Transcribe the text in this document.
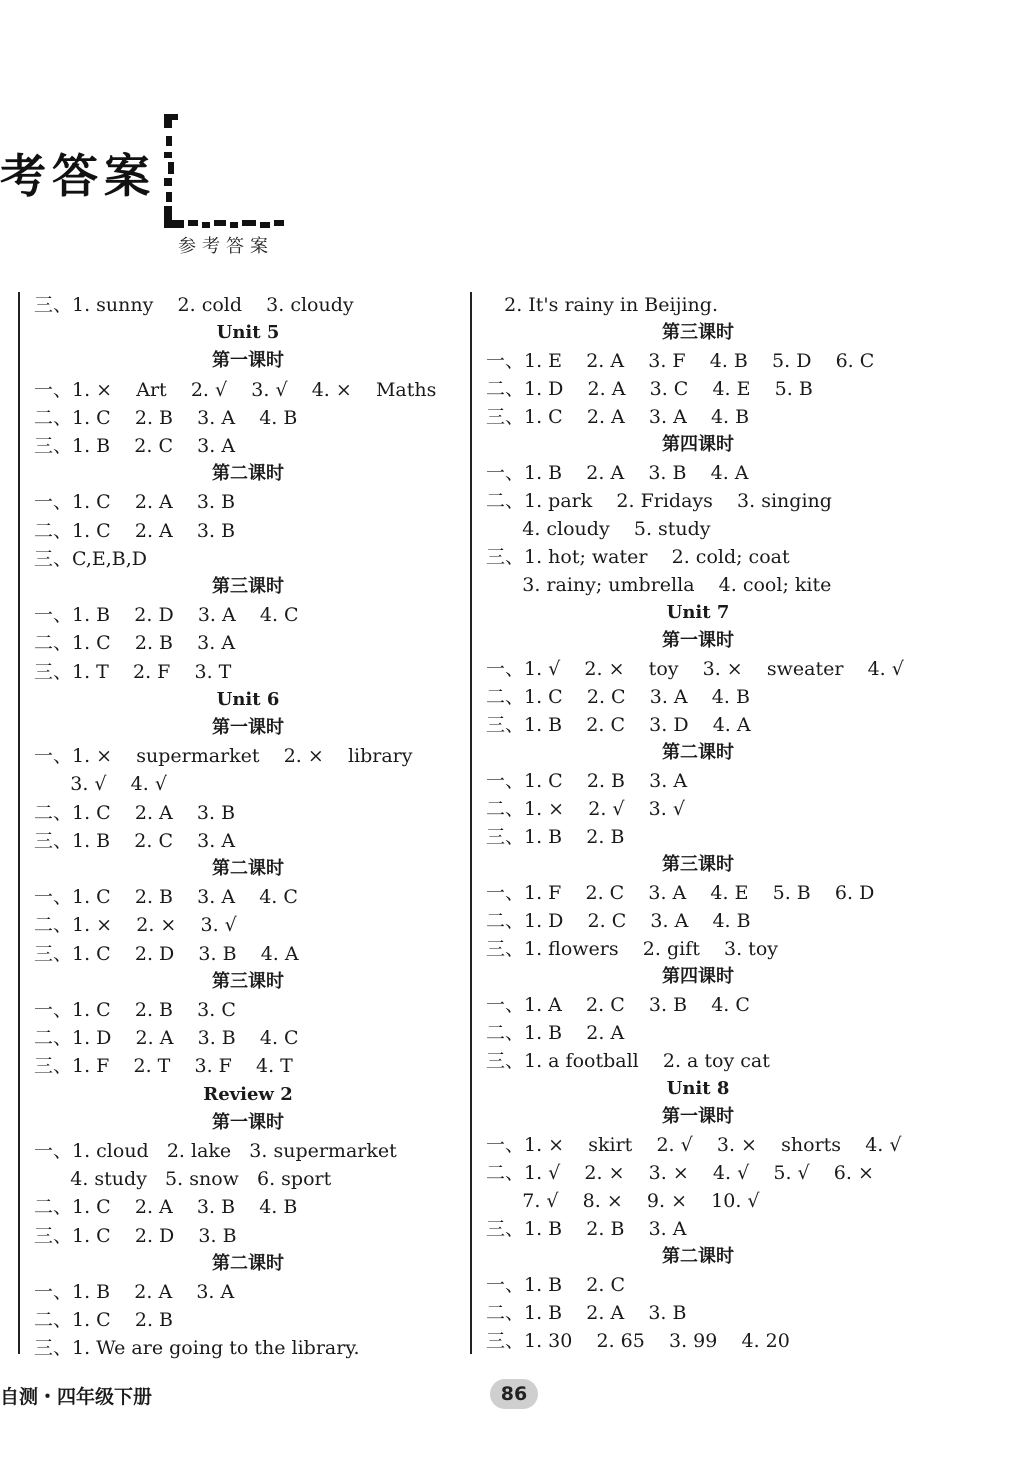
考答案
参考答案
三、1. sunny    2. cold    3. cloudy
Unit 5
第一课时
一、1. ×    Art    2. √    3. √    4. ×    Maths
二、1. C    2. B    3. A    4. B
三、1. B    2. C    3. A
第二课时
一、1. C    2. A    3. B
二、1. C    2. A    3. B
三、C,E,B,D
第三课时
一、1. B    2. D    3. A    4. C
二、1. C    2. B    3. A
三、1. T    2. F    3. T
Unit 6
第一课时
一、1. ×    supermarket    2. ×    library
3. √    4. √
二、1. C    2. A    3. B
三、1. B    2. C    3. A
第二课时
一、1. C    2. B    3. A    4. C
二、1. ×    2. ×    3. √
三、1. C    2. D    3. B    4. A
第三课时
一、1. C    2. B    3. C
二、1. D    2. A    3. B    4. C
三、1. F    2. T    3. F    4. T
Review 2
第一课时
一、1. cloud   2. lake   3. supermarket
4. study   5. snow   6. sport
二、1. C    2. A    3. B    4. B
三、1. C    2. D    3. B
第二课时
一、1. B    2. A    3. A
二、1. C    2. B
三、1. We are going to the library.
2. It's rainy in Beijing.
第三课时
一、1. E    2. A    3. F    4. B    5. D    6. C
二、1. D    2. A    3. C    4. E    5. B
三、1. C    2. A    3. A    4. B
第四课时
一、1. B    2. A    3. B    4. A
二、1. park    2. Fridays    3. singing
4. cloudy    5. study
三、1. hot; water    2. cold; coat
3. rainy; umbrella    4. cool; kite
Unit 7
第一课时
一、1. √    2. ×    toy    3. ×    sweater    4. √
二、1. C    2. C    3. A    4. B
三、1. B    2. C    3. D    4. A
第二课时
一、1. C    2. B    3. A
二、1. ×    2. √    3. √
三、1. B    2. B
第三课时
一、1. F    2. C    3. A    4. E    5. B    6. D
二、1. D    2. C    3. A    4. B
三、1. flowers    2. gift    3. toy
第四课时
一、1. A    2. C    3. B    4. C
二、1. B    2. A
三、1. a football    2. a toy cat
Unit 8
第一课时
一、1. ×    skirt    2. √    3. ×    shorts    4. √
二、1. √    2. ×    3. ×    4. √    5. √    6. ×
7. √    8. ×    9. ×    10. √
三、1. B    2. B    3. A
第二课时
一、1. B    2. C
二、1. B    2. A    3. B
三、1. 30    2. 65    3. 99    4. 20
自测・四年级下册	86
